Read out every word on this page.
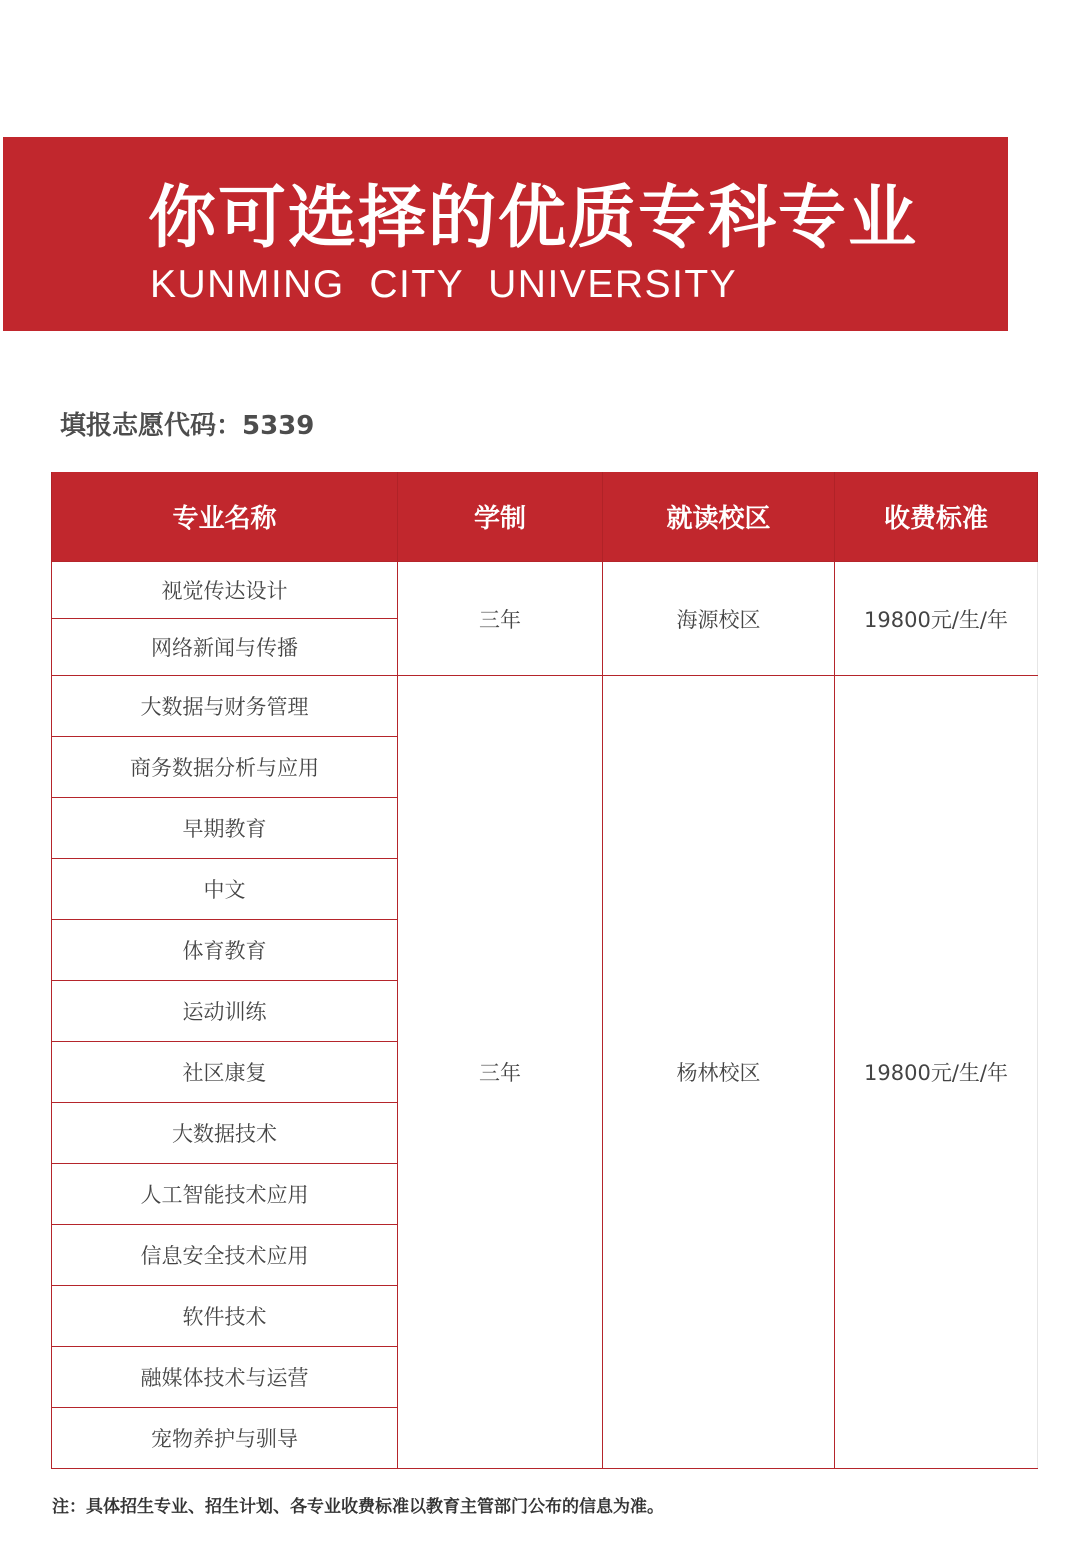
你可选择的优质专科专业
KUNMING  CITY  UNIVERSITY
填报志愿代码：5339
专业名称	学制	就读校区	收费标准
视觉传达设计	三年	海源校区	19800元/生/年
网络新闻与传播			
大数据与财务管理	三年	杨林校区	19800元/生/年
商务数据分析与应用			
早期教育			
中文			
体育教育			
运动训练			
社区康复			
大数据技术			
人工智能技术应用			
信息安全技术应用			
软件技术			
融媒体技术与运营			
宠物养护与驯导			
注：具体招生专业、招生计划、各专业收费标准以教育主管部门公布的信息为准。
